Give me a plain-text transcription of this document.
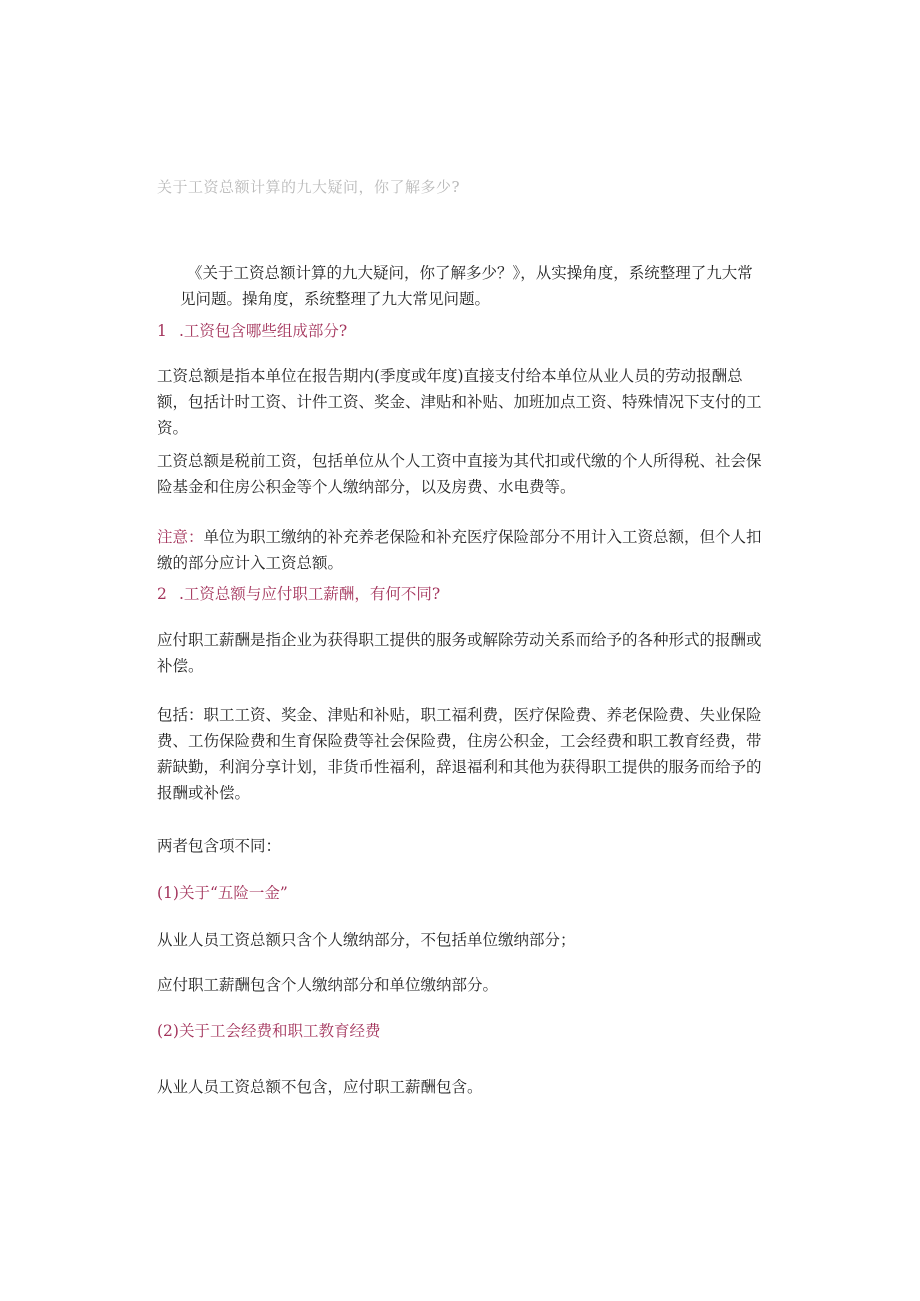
关于工资总额计算的九大疑问，你了解多少?
《关于工资总额计算的九大疑问，你了解多少？》，从实操角度，系统整理了九大常
见问题。操角度，系统整理了九大常见问题。
1 .工资包含哪些组成部分?

工资总额是指本单位在报告期内(季度或年度)直接支付给本单位从业人员的劳动报酬总额，包括计时工资、计件工资、奖金、津贴和补贴、加班加点工资、特殊情况下支付的工资。

工资总额是税前工资，包括单位从个人工资中直接为其代扣或代缴的个人所得税、社会保险基金和住房公积金等个人缴纳部分，以及房费、水电费等。

注意：单位为职工缴纳的补充养老保险和补充医疗保险部分不用计入工资总额，但个人扣缴的部分应计入工资总额。

2 .工资总额与应付职工薪酬，有何不同?

应付职工薪酬是指企业为获得职工提供的服务或解除劳动关系而给予的各种形式的报酬或补偿。

包括：职工工资、奖金、津贴和补贴，职工福利费，医疗保险费、养老保险费、失业保险费、工伤保险费和生育保险费等社会保险费，住房公积金，工会经费和职工教育经费，带薪缺勤，利润分享计划，非货币性福利，辞退福利和其他为获得职工提供的服务而给予的报酬或补偿。

两者包含项不同：

(1)关于“五险一金”

从业人员工资总额只含个人缴纳部分，不包括单位缴纳部分；

应付职工薪酬包含个人缴纳部分和单位缴纳部分。

(2)关于工会经费和职工教育经费

从业人员工资总额不包含，应付职工薪酬包含。
